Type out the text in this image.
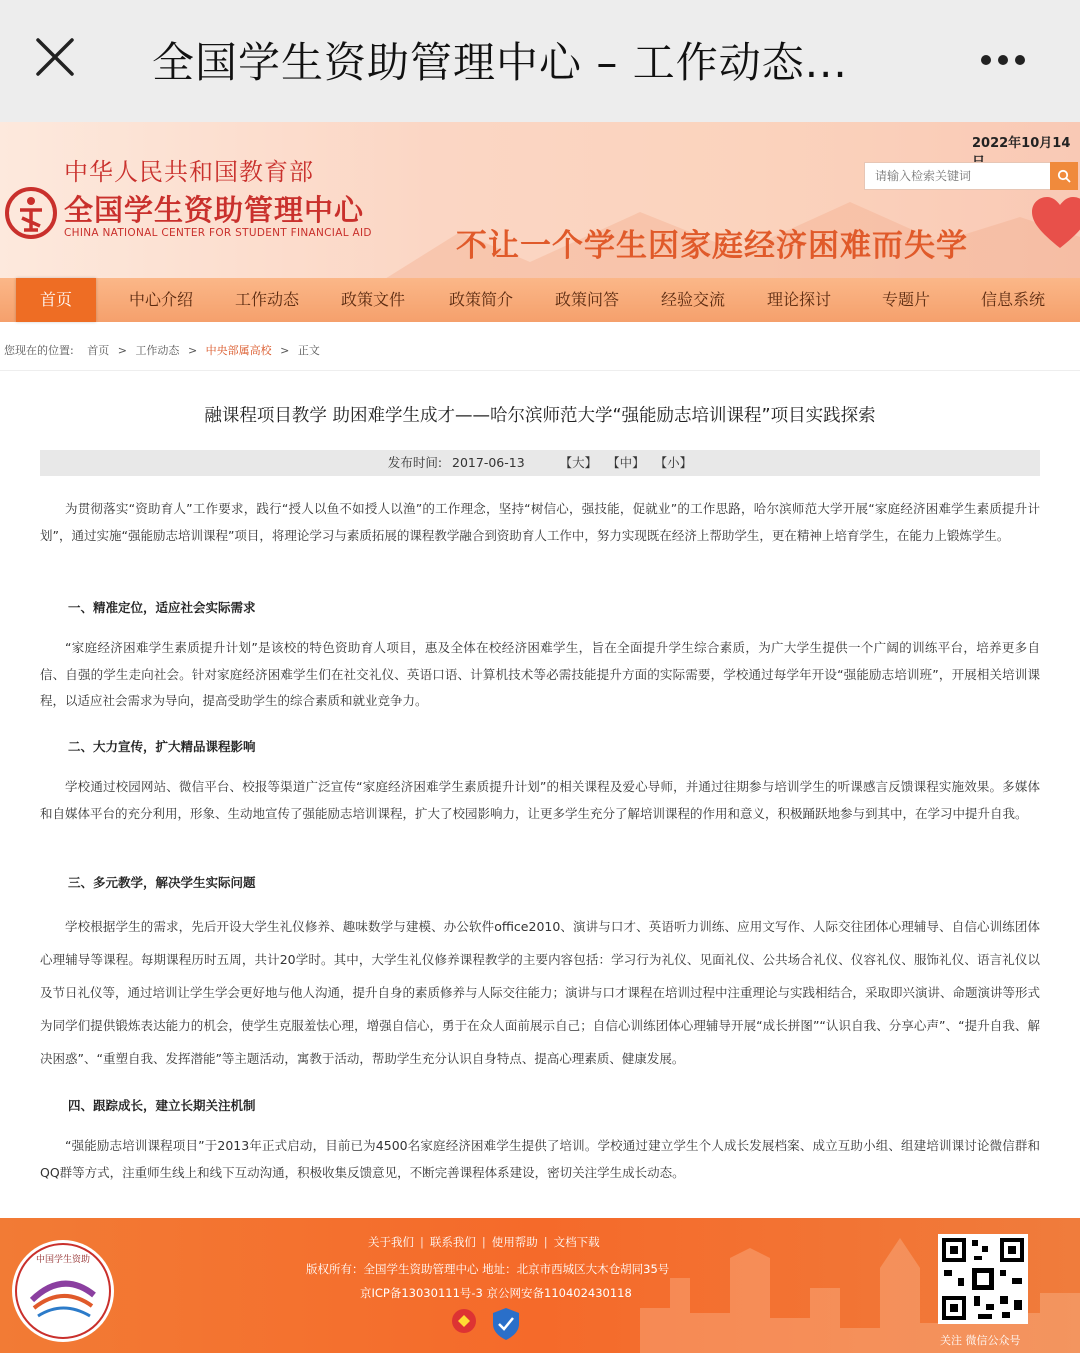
全国学生资助管理中心 – 工作动态...
2022年10月14
中华人民共和国教育部
全国学生资助管理中心
CHINA NATIONAL CENTER FOR STUDENT FINANCIAL AID
请输入检索关键词	不让一个学生因家庭经济困难而失学
首页	中心介绍	工作动态	政策文件	政策简介	政策问答	经验交流	理论探讨	专题片	信息系统
您现在的位置: 首页 > 工作动态 > 中央部属高校 > 正文
融课程项目教学 助困难学生成才——哈尔滨师范大学“强能励志培训课程”项目实践探索
发布时间: 2017-06-13	【大】 【中】 【小】

为贯彻落实“资助育人”工作要求，践行“授人以鱼不如授人以渔”的工作理念，坚持“树信心，强技能，促就业”的工作思路，哈尔滨师范大学开展“家庭经济困难学生素质提升计划”，通过实施“强能励志培训课程”项目，将理论学习与素质拓展的课程教学融合到资助育人工作中，努力实现既在经济上帮助学生，更在精神上培育学生，在能力上锻炼学生。

一、精准定位，适应社会实际需求

“家庭经济困难学生素质提升计划”是该校的特色资助育人项目，惠及全体在校经济困难学生，旨在全面提升学生综合素质，为广大学生提供一个广阔的训练平台，培养更多自信、自强的学生走向社会。针对家庭经济困难学生们在社交礼仪、英语口语、计算机技术等必需技能提升方面的实际需要，学校通过每学年开设“强能励志培训班”，开展相关培训课程，以适应社会需求为导向，提高受助学生的综合素质和就业竞争力。

二、大力宣传，扩大精品课程影响

学校通过校园网站、微信平台、校报等渠道广泛宣传“家庭经济困难学生素质提升计划”的相关课程及爱心导师，并通过往期参与培训学生的听课感言反馈课程实施效果。多媒体和自媒体平台的充分利用，形象、生动地宣传了强能励志培训课程，扩大了校园影响力，让更多学生充分了解培训课程的作用和意义，积极踊跃地参与到其中，在学习中提升自我。

三、多元教学，解决学生实际问题

学校根据学生的需求，先后开设大学生礼仪修养、趣味数学与建模、办公软件office2010、演讲与口才、英语听力训练、应用文写作、人际交往团体心理辅导、自信心训练团体心理辅导等课程。每期课程历时五周，共计20学时。其中，大学生礼仪修养课程教学的主要内容包括：学习行为礼仪、见面礼仪、公共场合礼仪、仪容礼仪、服饰礼仪、语言礼仪以及节日礼仪等，通过培训让学生学会更好地与他人沟通，提升自身的素质修养与人际交往能力；演讲与口才课程在培训过程中注重理论与实践相结合，采取即兴演讲、命题演讲等形式为同学们提供锻炼表达能力的机会，使学生克服羞怯心理，增强自信心，勇于在众人面前展示自己；自信心训练团体心理辅导开展“成长拼图”“认识自我、分享心声”、“提升自我、解决困惑”、“重塑自我、发挥潜能”等主题活动，寓教于活动，帮助学生充分认识自身特点、提高心理素质、健康发展。

四、跟踪成长，建立长期关注机制

“强能励志培训课程项目”于2013年正式启动，目前已为4500名家庭经济困难学生提供了培训。学校通过建立学生个人成长发展档案、成立互助小组、组建培训课讨论微信群和QQ群等方式，注重师生线上和线下互动沟通，积极收集反馈意见，不断完善课程体系建设，密切关注学生成长动态。

中国学生资助
关于我们 | 联系我们 | 使用帮助 | 文档下载
版权所有：全国学生资助管理中心 地址：北京市西城区大木仓胡同35号
京ICP备13030111号-3 京公网安备110402430118
关注 微信公众号
